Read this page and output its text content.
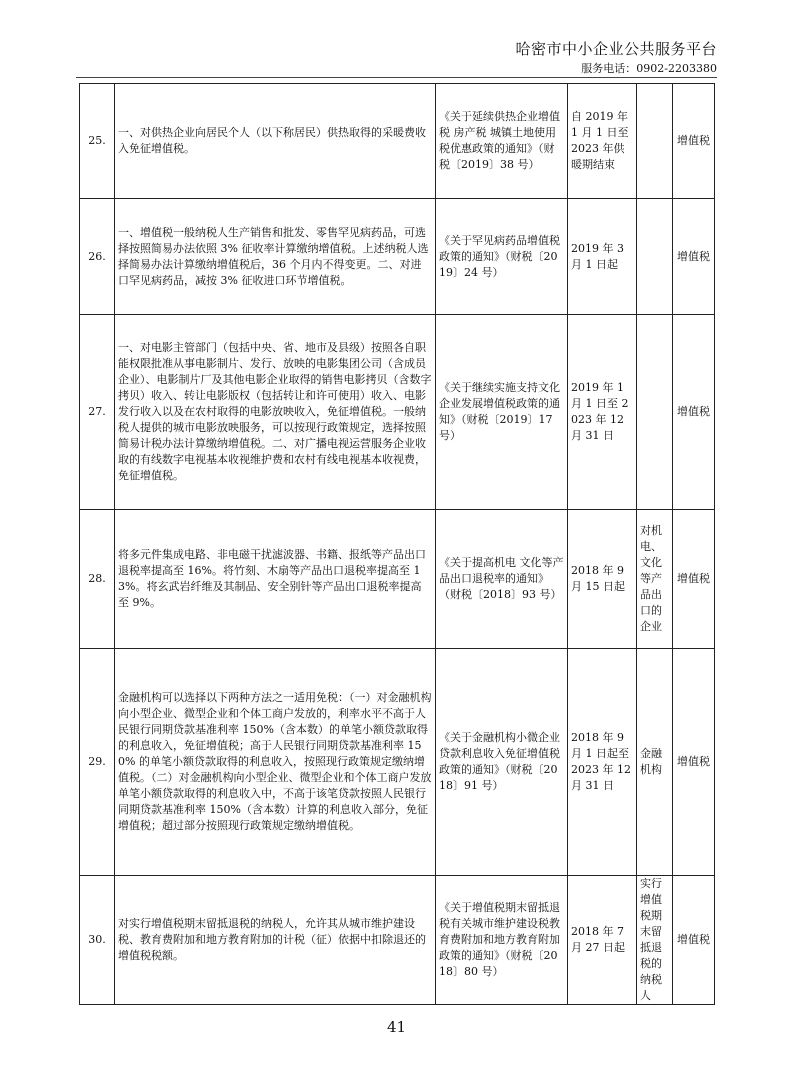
哈密市中小企业公共服务平台
服务电话：0902-2203380
25.	一、对供热企业向居民个人（以下称居民）供热取得的采暖费收入免征增值税。	《关于延续供热企业增值税 房产税 城镇土地使用税优惠政策的通知》（财税〔2019〕38 号）	自 2019 年 1 月 1 日至 2023 年供暖期结束		增值税
26.	一、增值税一般纳税人生产销售和批发、零售罕见病药品，可选择按照简易办法依照 3% 征收率计算缴纳增值税。上述纳税人选择简易办法计算缴纳增值税后，36 个月内不得变更。二、对进口罕见病药品，减按 3% 征收进口环节增值税。	《关于罕见病药品增值税政策的通知》（财税〔2019〕24 号）	2019 年 3 月 1 日起		增值税
27.	一、对电影主管部门（包括中央、省、地市及县级）按照各自职能权限批准从事电影制片、发行、放映的电影集团公司（含成员企业）、电影制片厂及其他电影企业取得的销售电影拷贝（含数字拷贝）收入、转让电影版权（包括转让和许可使用）收入、电影发行收入以及在农村取得的电影放映收入，免征增值税。一般纳税人提供的城市电影放映服务，可以按现行政策规定，选择按照简易计税办法计算缴纳增值税。二、对广播电视运营服务企业收取的有线数字电视基本收视维护费和农村有线电视基本收视费，免征增值税。	《关于继续实施支持文化企业发展增值税政策的通知》（财税〔2019〕17 号）	2019 年 1 月 1 日至 2023 年 12 月 31 日		增值税
28.	将多元件集成电路、非电磁干扰滤波器、书籍、报纸等产品出口退税率提高至 16%。将竹刻、木扇等产品出口退税率提高至 13%。将玄武岩纤维及其制品、安全别针等产品出口退税率提高至 9%。	《关于提高机电 文化等产品出口退税率的通知》（财税〔2018〕93 号）	2018 年 9 月 15 日起	对机电、文化等产品出口的企业	增值税
29.	金融机构可以选择以下两种方法之一适用免税：（一）对金融机构向小型企业、微型企业和个体工商户发放的，利率水平不高于人民银行同期贷款基准利率 150%（含本数）的单笔小额贷款取得的利息收入，免征增值税；高于人民银行同期贷款基准利率 150% 的单笔小额贷款取得的利息收入，按照现行政策规定缴纳增值税。（二）对金融机构向小型企业、微型企业和个体工商户发放单笔小额贷款取得的利息收入中，不高于该笔贷款按照人民银行同期贷款基准利率 150%（含本数）计算的利息收入部分，免征增值税；超过部分按照现行政策规定缴纳增值税。	《关于金融机构小微企业贷款利息收入免征增值税政策的通知》（财税〔2018〕91 号）	2018 年 9 月 1 日起至 2023 年 12 月 31 日	金融机构	增值税
30.	对实行增值税期末留抵退税的纳税人，允许其从城市维护建设税、教育费附加和地方教育附加的计税（征）依据中扣除退还的增值税税额。	《关于增值税期末留抵退税有关城市维护建设税教育费附加和地方教育附加政策的通知》（财税〔2018〕80 号）	2018 年 7 月 27 日起	实行增值税期末留抵退税的纳税人	增值税
41
